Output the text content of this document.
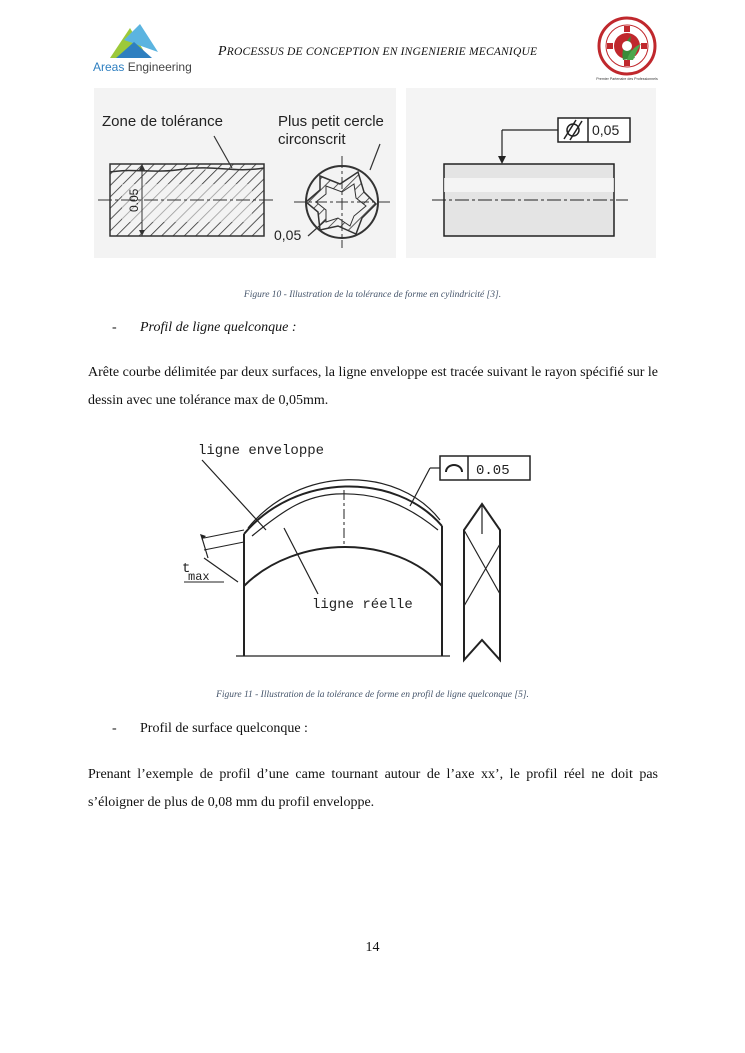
Areas Engineering
PROCESSUS DE CONCEPTION EN INGENIERIE MECANIQUE
Premier Partenaire des Professionnels
0.05
Zone de tolérance	Plus petit cercle
circonscrit
0,05
0,05
Figure 10 - Illustration de la tolérance de forme en cylindricité [3].
- Profil de ligne quelconque :
Arête courbe délimitée par deux surfaces, la ligne enveloppe est tracée suivant le rayon spécifié sur le dessin avec une tolérance max de 0,05mm.
ligne enveloppe
0.05
ligne réelle
t
max
Figure 11 - Illustration de la tolérance de forme en profil de ligne quelconque [5].
- Profil de surface quelconque :
Prenant l’exemple de profil d’une came tournant autour de l’axe xx’, le profil réel ne doit pas s’éloigner de plus de 0,08 mm du profil enveloppe.
14
